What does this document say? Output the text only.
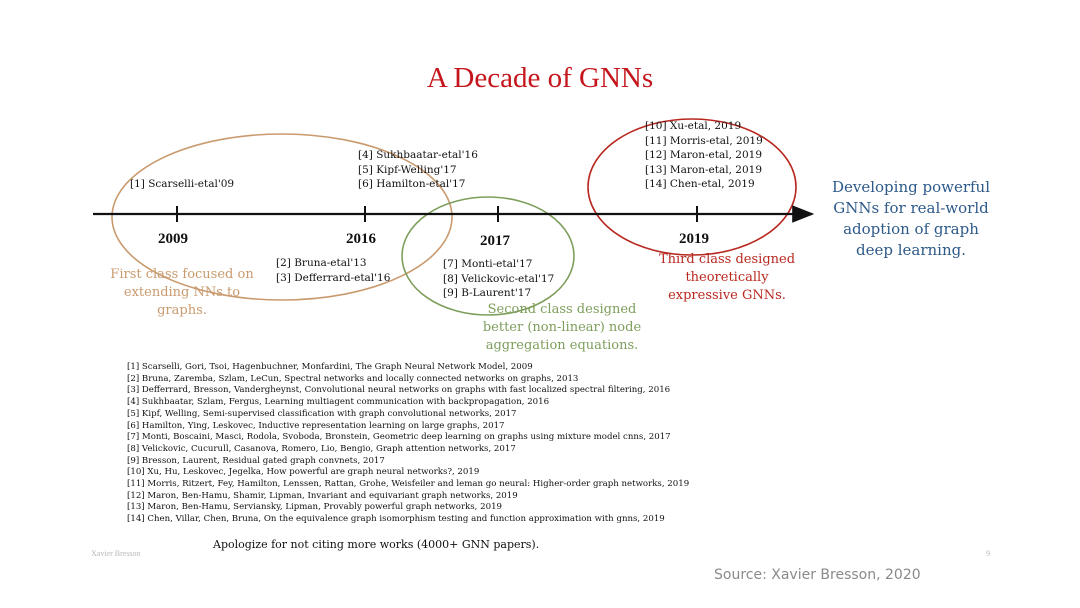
A Decade of GNNs
2009	2016	2017	2019
[1] Scarselli-etal'09
[4] Sukhbaatar-etal'16
[5] Kipf-Welling'17
[6] Hamilton-etal'17
[2] Bruna-etal'13
[3] Defferrard-etal'16
[7] Monti-etal'17
[8] Velickovic-etal'17
[9] B-Laurent'17
[10] Xu-etal, 2019
[11] Morris-etal, 2019
[12] Maron-etal, 2019
[13] Maron-etal, 2019
[14] Chen-etal, 2019
First class focused on
extending NNs to
graphs.	Second class designed
better (non-linear) node
aggregation equations.
Third class designed
theoretically
expressive GNNs.
Developing powerful
GNNs for real-world
adoption of graph
deep learning.
[1] Scarselli, Gori, Tsoi, Hagenbuchner, Monfardini, The Graph Neural Network Model, 2009
[2] Bruna, Zaremba, Szlam, LeCun, Spectral networks and locally connected networks on graphs, 2013
[3] Defferrard, Bresson, Vandergheynst, Convolutional neural networks on graphs with fast localized spectral filtering, 2016
[4] Sukhbaatar, Szlam, Fergus, Learning multiagent communication with backpropagation, 2016
[5] Kipf, Welling, Semi-supervised classification with graph convolutional networks, 2017
[6] Hamilton, Ying, Leskovec, Inductive representation learning on large graphs, 2017
[7] Monti, Boscaini, Masci, Rodola, Svoboda, Bronstein, Geometric deep learning on graphs using mixture model cnns, 2017
[8] Velickovic, Cucurull, Casanova, Romero, Lio, Bengio, Graph attention networks, 2017
[9] Bresson, Laurent, Residual gated graph convnets, 2017
[10] Xu, Hu, Leskovec, Jegelka, How powerful are graph neural networks?, 2019
[11] Morris, Ritzert, Fey, Hamilton, Lenssen, Rattan, Grohe, Weisfeiler and leman go neural: Higher-order graph networks, 2019
[12] Maron, Ben-Hamu, Shamir, Lipman, Invariant and equivariant graph networks, 2019
[13] Maron, Ben-Hamu, Serviansky, Lipman, Provably powerful graph networks, 2019
[14] Chen, Villar, Chen, Bruna, On the equivalence graph isomorphism testing and function approximation with gnns, 2019
Apologize for not citing more works (4000+ GNN papers).
Xavier Bresson	9
Source: Xavier Bresson, 2020
